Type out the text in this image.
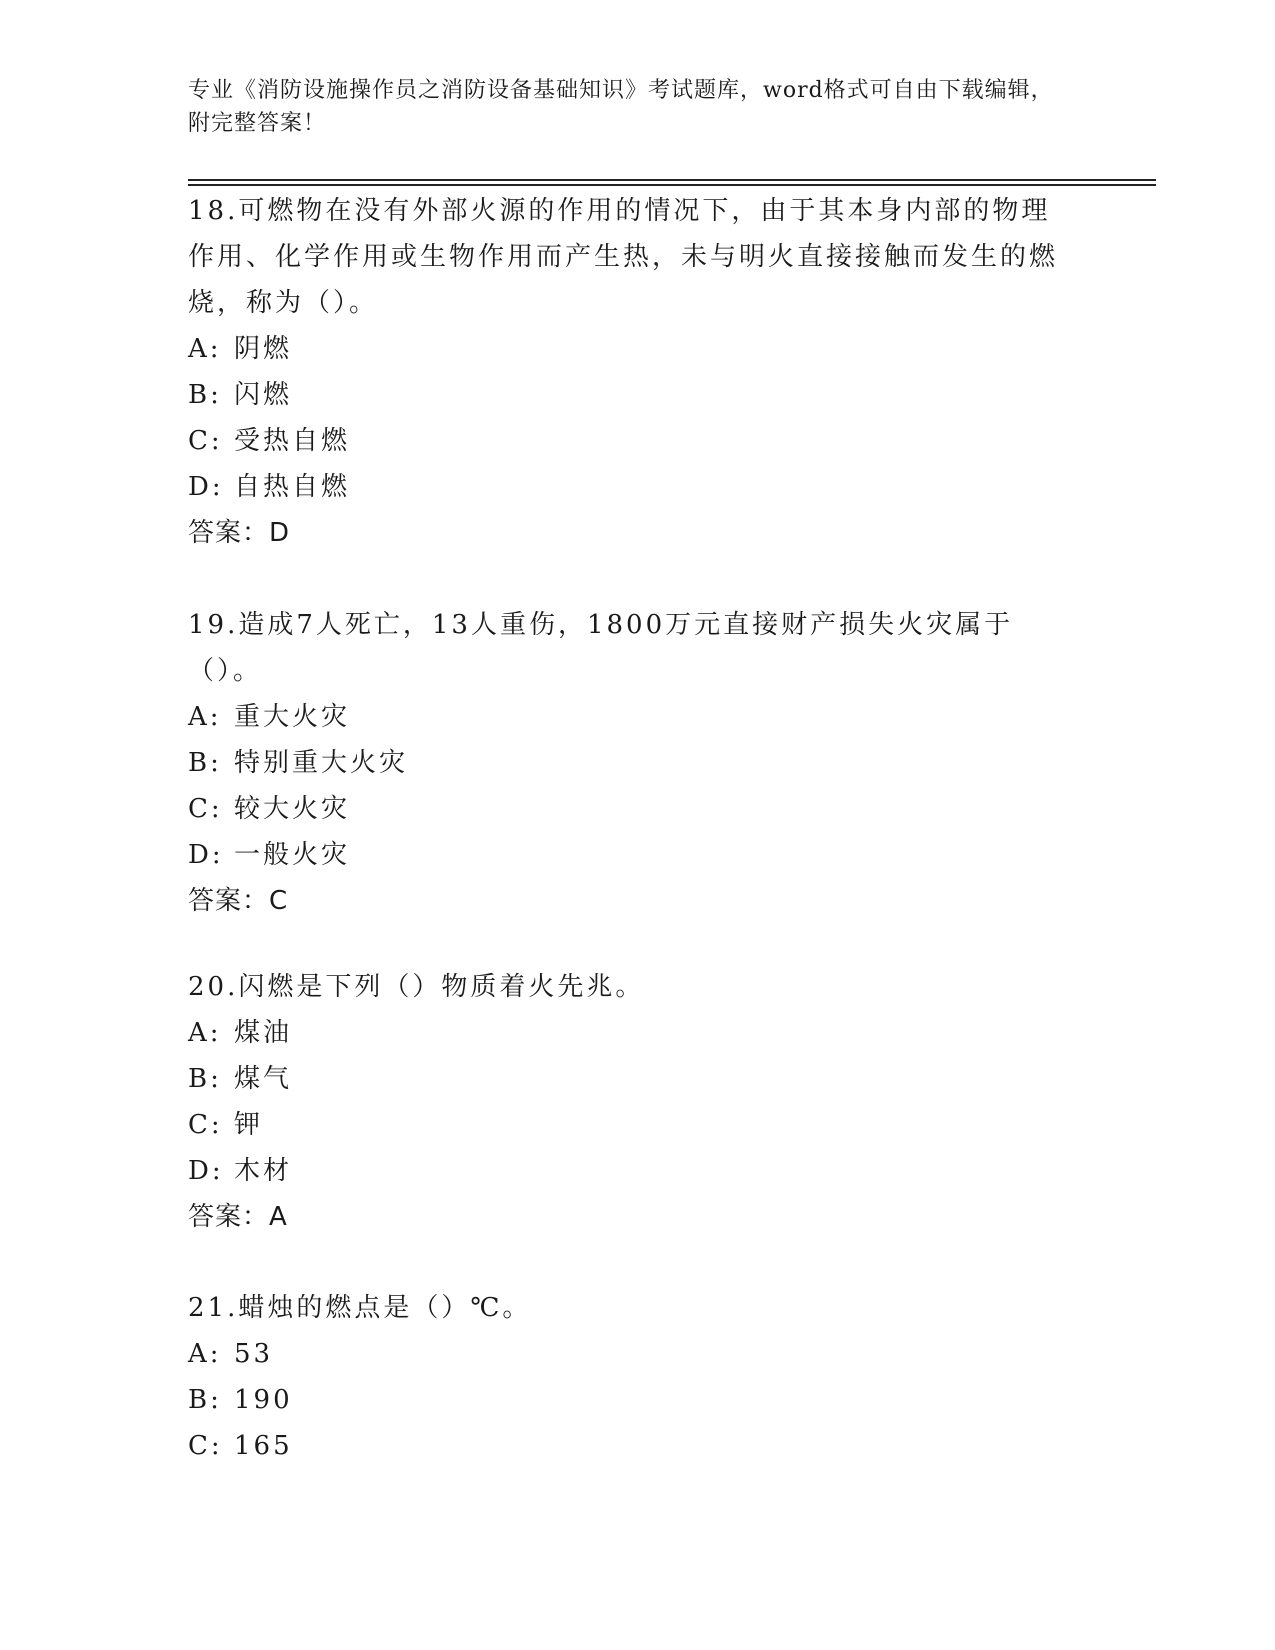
专业《消防设施操作员之消防设备基础知识》考试题库，word格式可自由下载编辑，附完整答案！

18.可燃物在没有外部火源的作用的情况下，由于其本身内部的物理作用、化学作用或生物作用而产生热，未与明火直接接触而发生的燃烧，称为（）。

A: 阴燃

B: 闪燃

C: 受热自燃

D: 自热自燃

答案：D

19.造成7人死亡，13人重伤，1800万元直接财产损失火灾属于（）。

A: 重大火灾

B: 特别重大火灾

C: 较大火灾

D: 一般火灾

答案：C

20.闪燃是下列（）物质着火先兆。

A: 煤油

B: 煤气

C: 钾

D: 木材

答案：A

21.蜡烛的燃点是（）℃。

A: 53

B: 190

C: 165
